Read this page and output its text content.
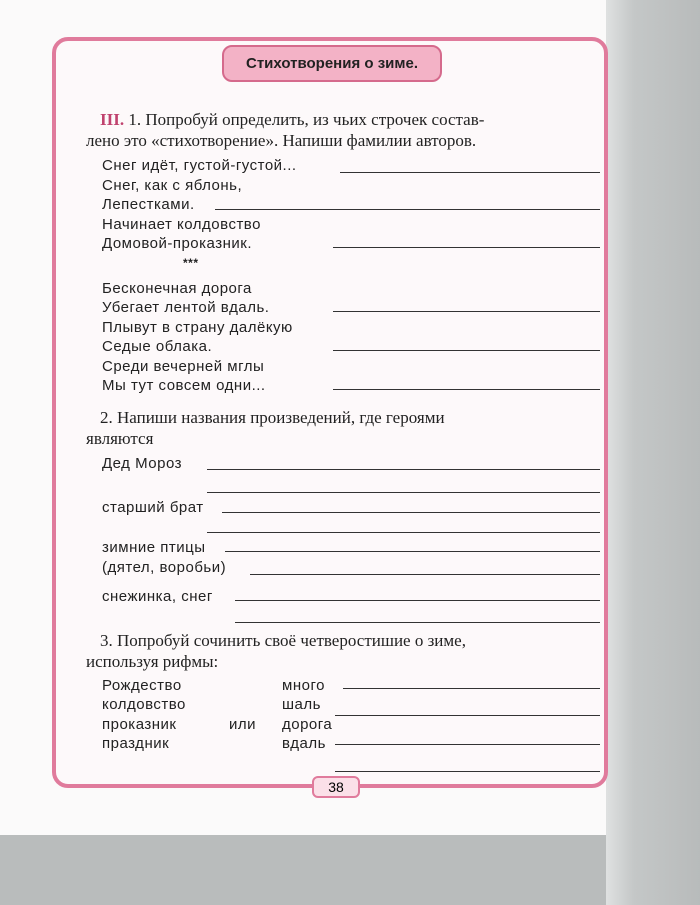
Стихотворения о зиме.
III. 1. Попробуй определить, из чьих строчек состав-
лено это «стихотворение». Напиши фамилии авторов.
Снег идёт, густой-густой...
Снег, как с яблонь,
Лепестками.
Начинает колдовство
Домовой-проказник.
***
Бесконечная дорога
Убегает лентой вдаль.
Плывут в страну далёкую
Седые облака.
Среди вечерней мглы
Мы тут совсем одни...
2. Напиши названия произведений, где героями
являются
Дед Мороз
старший брат
зимние птицы
(дятел, воробьи)
снежинка, снег
3. Попробуй сочинить своё четверостишие о зиме,
используя рифмы:
Рождество
колдовство
проказник
праздник
или
много
шаль
дорога
вдаль
38
